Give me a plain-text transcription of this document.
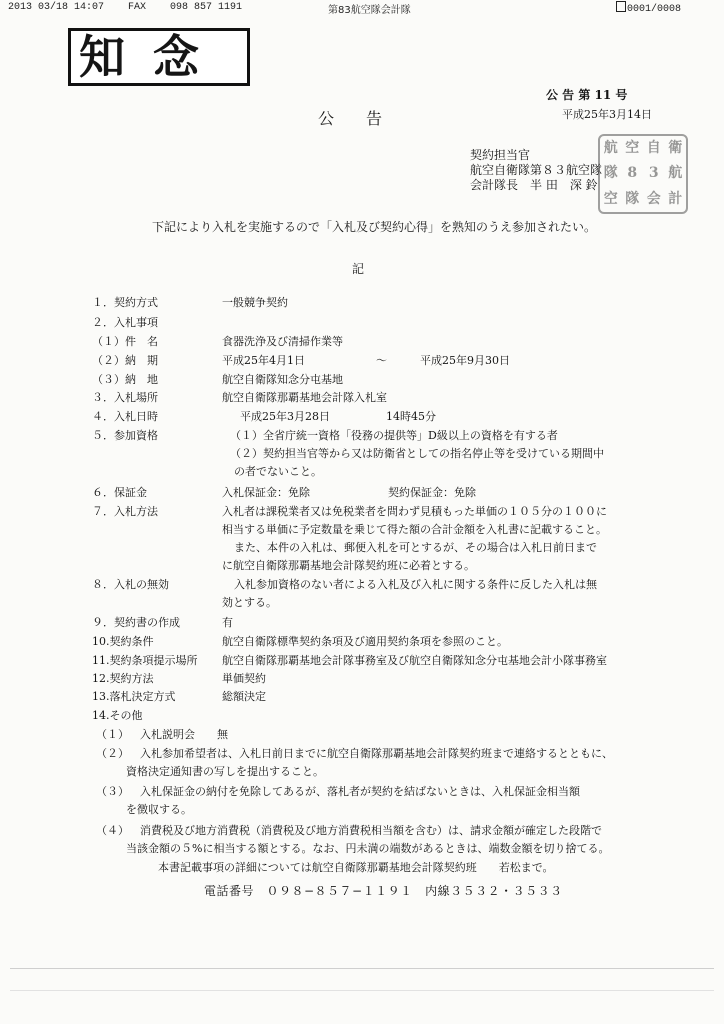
2013 03/18 14:07 FAX 098 857 1191	第83航空隊会計隊	0001/0008
知念
公 告 第 11 号
公　　告	平成25年3月14日
契約担当官
航空自衛隊第８３航空隊
会計隊長　半 田　深 鈴
航 空 自 衛
隊 8 3 航
空 隊 会 計
下記により入札を実施するので「入札及び契約心得」を熟知のうえ参加されたい。
記
１．契約方式	一般競争契約
２．入札事項
（１）件　名	食器洗浄及び清掃作業等
（２）納　期	平成25年4月1日	～	平成25年9月30日
（３）納　地	航空自衛隊知念分屯基地
３．入札場所	航空自衛隊那覇基地会計隊入札室
４．入札日時	平成25年3月28日	14時45分
５．参加資格	（１）全省庁統一資格「役務の提供等」D級以上の資格を有する者
（２）契約担当官等から又は防衛省としての指名停止等を受けている期間中
の者でないこと。
６．保証金	入札保証金：免除	契約保証金：免除
７．入札方法	入札者は課税業者又は免税業者を問わず見積もった単価の１０５分の１００に
相当する単価に予定数量を乗じて得た額の合計金額を入札書に記載すること。
また、本件の入札は、郵便入札を可とするが、その場合は入札日前日まで
に航空自衛隊那覇基地会計隊契約班に必着とする。
８．入札の無効	入札参加資格のない者による入札及び入札に関する条件に反した入札は無
効とする。
９．契約書の作成	有
10.契約条件	航空自衛隊標準契約条項及び適用契約条項を参照のこと。
11.契約条項提示場所 航空自衛隊那覇基地会計隊事務室及び航空自衛隊知念分屯基地会計小隊事務室
12.契約方法	単価契約
13.落札決定方式	総額決定
14.その他
（１） 入札説明会　　無
（２） 入札参加希望者は、入札日前日までに航空自衛隊那覇基地会計隊契約班まで連絡するとともに、
資格決定通知書の写しを提出すること。
（３） 入札保証金の納付を免除してあるが、落札者が契約を結ばないときは、入札保証金相当額
を徴収する。
（４） 消費税及び地方消費税（消費税及び地方消費税相当額を含む）は、請求金額が確定した段階で
当該金額の５%に相当する額とする。なお、円未満の端数があるときは、端数金額を切り捨てる。
本書記載事項の詳細については航空自衛隊那覇基地会計隊契約班　　若松まで。
電話番号　０９８−８５７−１１９１　内線３５３２・３５３３
